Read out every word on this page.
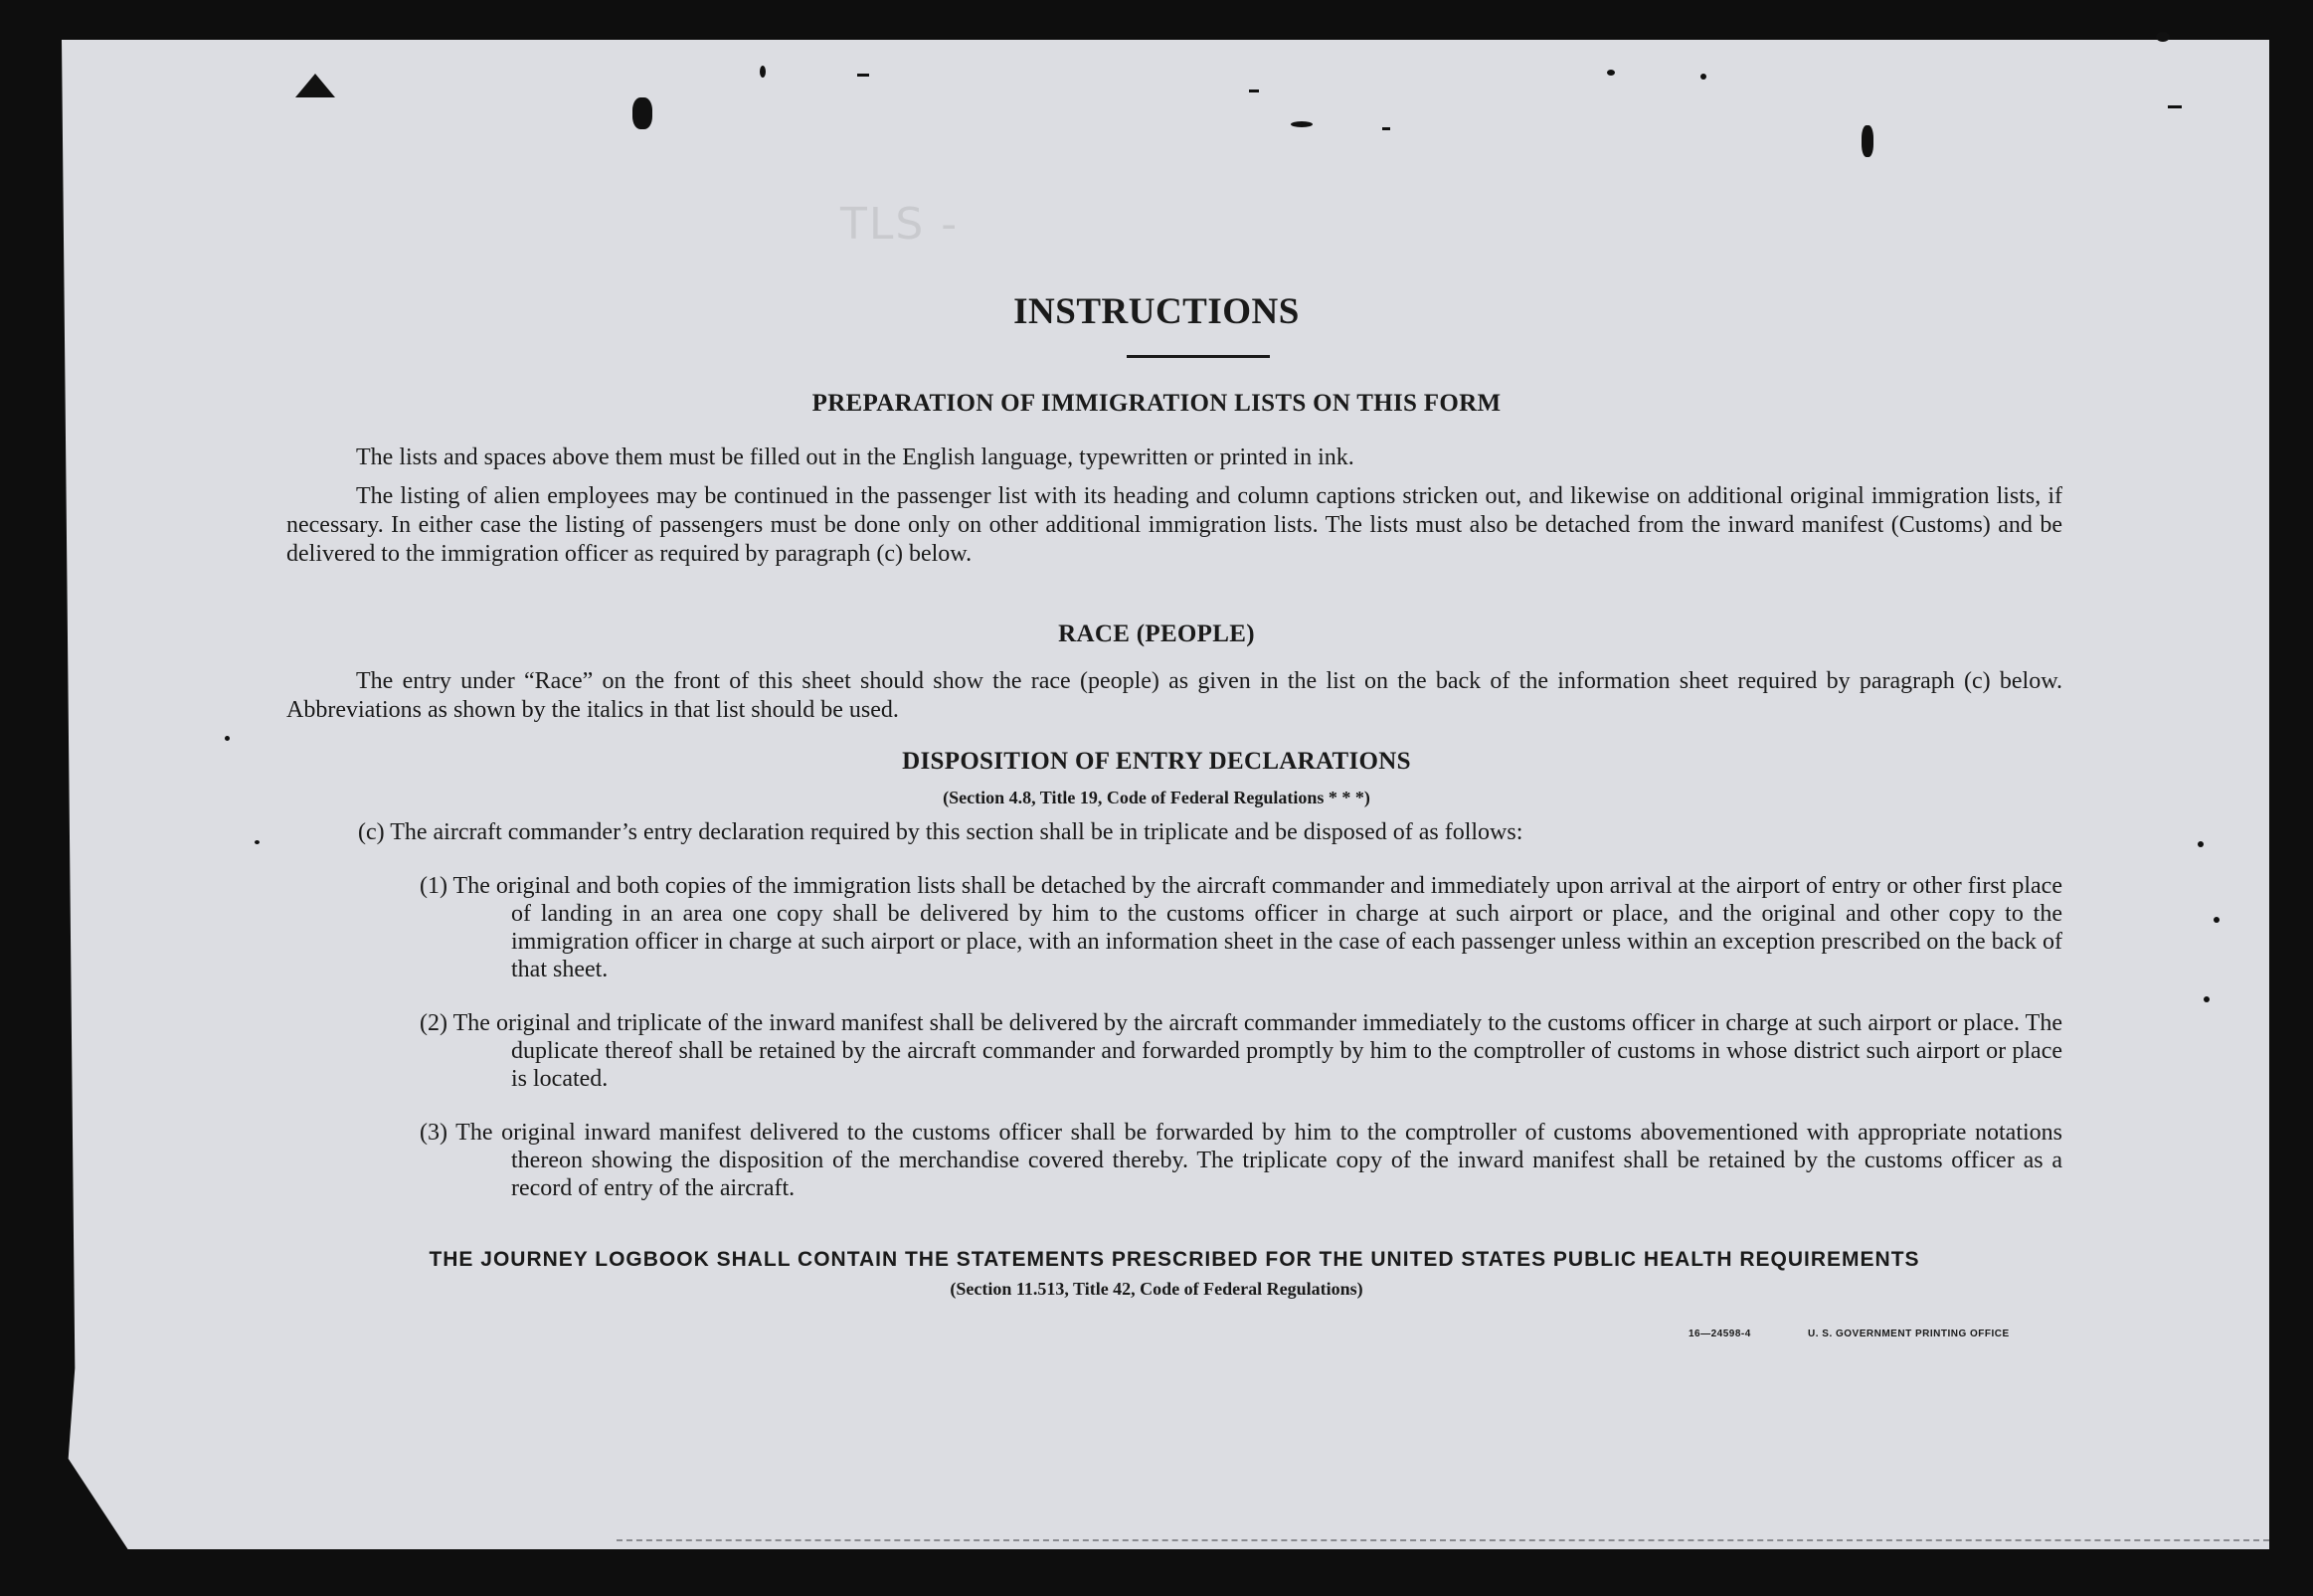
TLS -
INSTRUCTIONS
PREPARATION OF IMMIGRATION LISTS ON THIS FORM
The lists and spaces above them must be filled out in the English language, typewritten or printed in ink.
The listing of alien employees may be continued in the passenger list with its heading and column captions stricken out, and likewise on additional original immigration lists, if necessary. In either case the listing of passengers must be done only on other additional immigration lists. The lists must also be detached from the inward manifest (Customs) and be delivered to the immigration officer as required by paragraph (c) below.
RACE (PEOPLE)
The entry under “Race” on the front of this sheet should show the race (people) as given in the list on the back of the information sheet required by paragraph (c) below. Abbreviations as shown by the italics in that list should be used.
DISPOSITION OF ENTRY DECLARATIONS
(Section 4.8, Title 19, Code of Federal Regulations * * *)
(c) The aircraft commander’s entry declaration required by this section shall be in triplicate and be disposed of as follows:
(1) The original and both copies of the immigration lists shall be detached by the aircraft commander and immediately upon arrival at the airport of entry or other first place of landing in an area one copy shall be delivered by him to the customs officer in charge at such airport or place, and the original and other copy to the immigration officer in charge at such airport or place, with an information sheet in the case of each passenger unless within an exception prescribed on the back of that sheet.
(2) The original and triplicate of the inward manifest shall be delivered by the aircraft commander immediately to the customs officer in charge at such airport or place. The duplicate thereof shall be retained by the aircraft commander and forwarded promptly by him to the comptroller of customs in whose district such airport or place is located.
(3) The original inward manifest delivered to the customs officer shall be forwarded by him to the comptroller of customs abovementioned with appropriate notations thereon showing the disposition of the merchandise covered thereby. The triplicate copy of the inward manifest shall be retained by the customs officer as a record of entry of the aircraft.
THE JOURNEY LOGBOOK SHALL CONTAIN THE STATEMENTS PRESCRIBED FOR THE UNITED STATES PUBLIC HEALTH REQUIREMENTS
(Section 11.513, Title 42, Code of Federal Regulations)
16—24598-4	U. S. GOVERNMENT PRINTING OFFICE
